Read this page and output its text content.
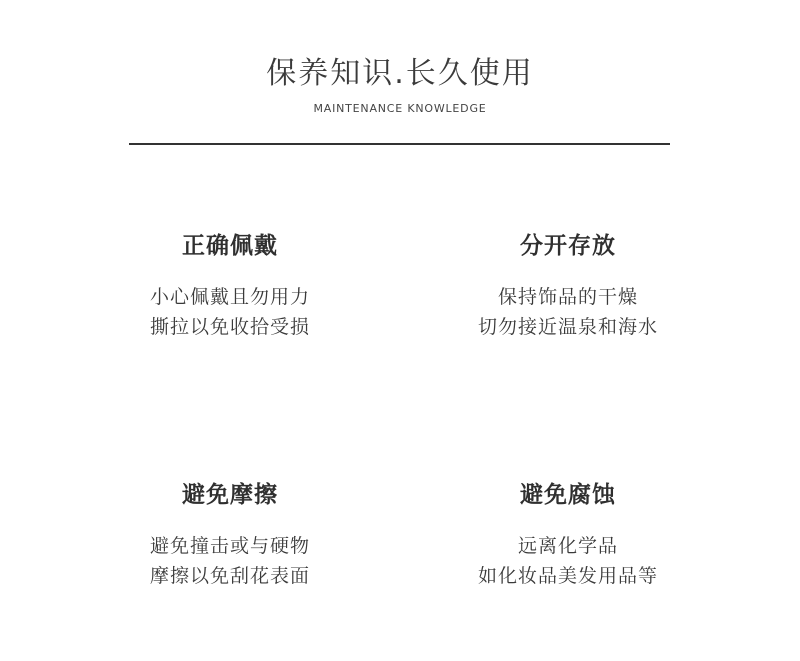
保养知识.长久使用
MAINTENANCE KNOWLEDGE
正确佩戴
小心佩戴且勿用力
撕拉以免收拾受损
分开存放
保持饰品的干燥
切勿接近温泉和海水
避免摩擦
避免撞击或与硬物
摩擦以免刮花表面
避免腐蚀
远离化学品
如化妆品美发用品等
